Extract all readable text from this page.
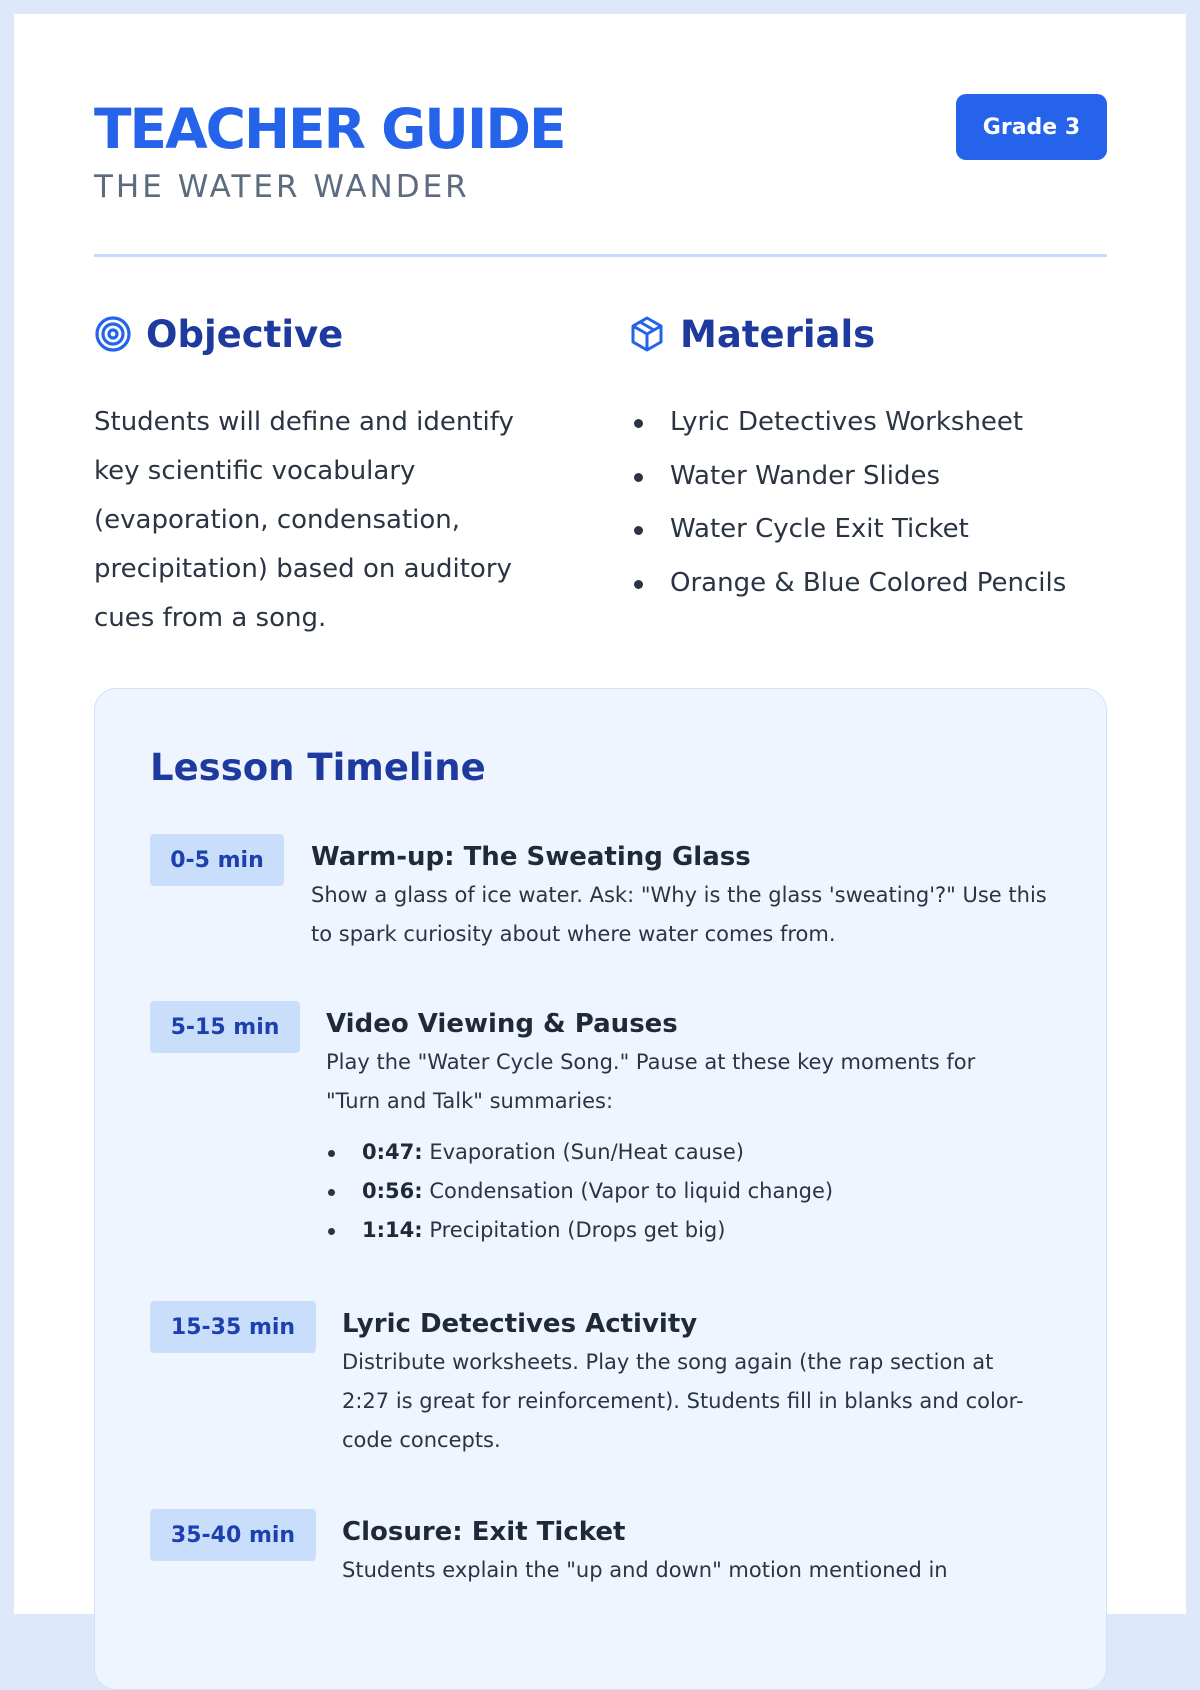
TEACHER GUIDE
THE WATER WANDER
Grade 3
Objective
Students will define and identify key scientific vocabulary (evaporation, condensation, precipitation) based on auditory cues from a song.
Materials
Lyric Detectives Worksheet
Water Wander Slides
Water Cycle Exit Ticket
Orange & Blue Colored Pencils
Lesson Timeline
0-5 min	Warm-up: The Sweating Glass
Show a glass of ice water. Ask: "Why is the glass 'sweating'?" Use this to spark curiosity about where water comes from.
5-15 min	Video Viewing & Pauses
Play the "Water Cycle Song." Pause at these key moments for "Turn and Talk" summaries:
0:47: Evaporation (Sun/Heat cause)
0:56: Condensation (Vapor to liquid change)
1:14: Precipitation (Drops get big)
15-35 min	Lyric Detectives Activity
Distribute worksheets. Play the song again (the rap section at 2:27 is great for reinforcement). Students fill in blanks and color-code concepts.
35-40 min	Closure: Exit Ticket
Students explain the "up and down" motion mentioned in
